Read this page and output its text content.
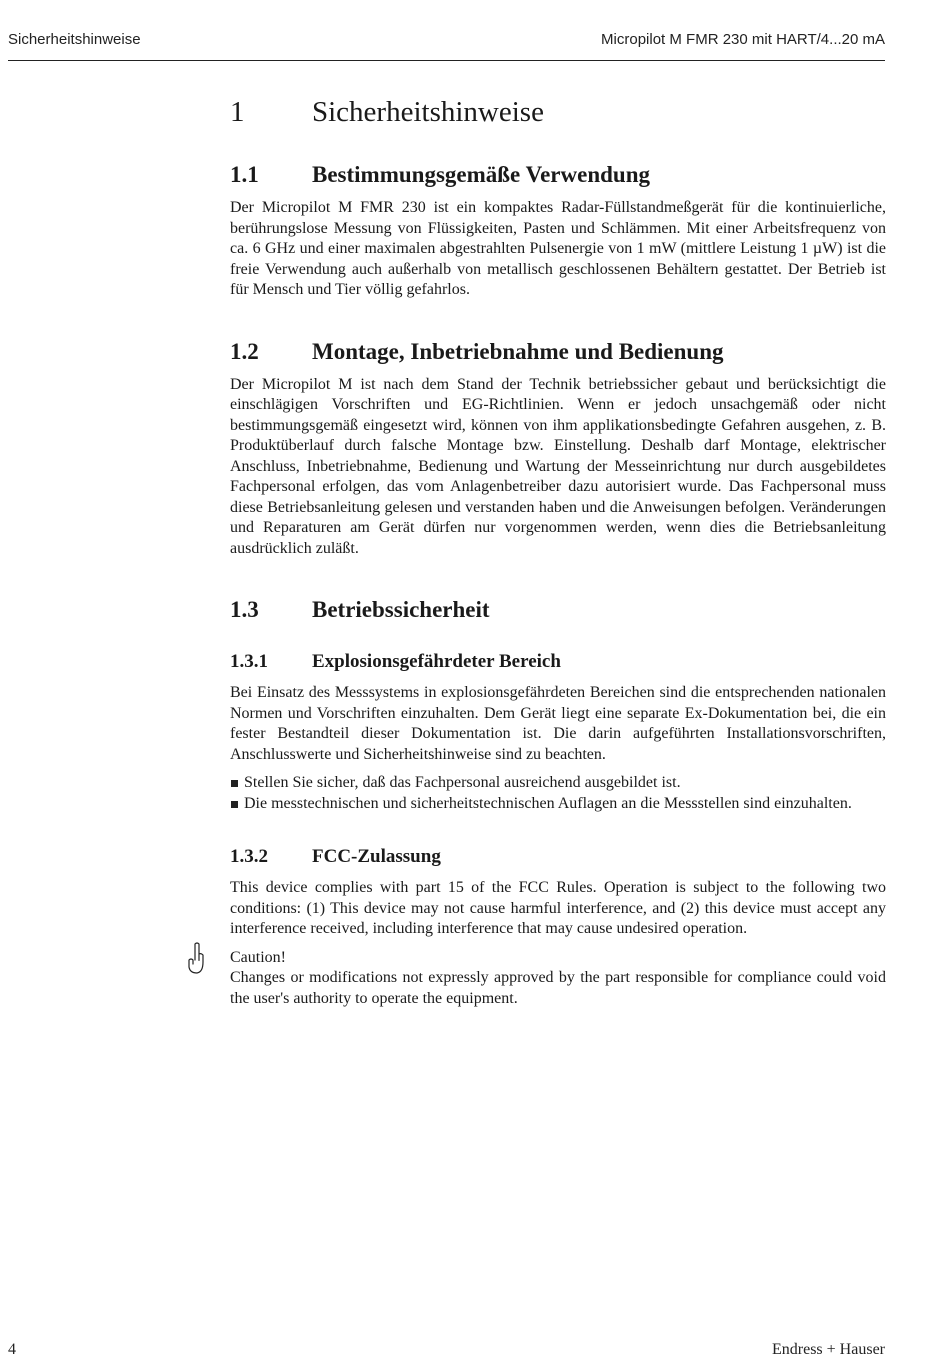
Sicherheitshinweise	Micropilot M FMR 230 mit HART/4...20 mA
1	Sicherheitshinweise
1.1	Bestimmungsgemäße Verwendung

Der Micropilot M FMR 230 ist ein kompaktes Radar-Füllstandmeßgerät für die kontinuierliche, berührungslose Messung von Flüssigkeiten, Pasten und Schlämmen. Mit einer Arbeitsfrequenz von ca. 6 GHz und einer maximalen abgestrahlten Pulsenergie von 1 mW (mittlere Leistung 1 µW) ist die freie Verwendung auch außerhalb von metallisch geschlossenen Behältern gestattet. Der Betrieb ist für Mensch und Tier völlig gefahrlos.

1.2	Montage, Inbetriebnahme und Bedienung

Der Micropilot M ist nach dem Stand der Technik betriebssicher gebaut und berücksichtigt die einschlägigen Vorschriften und EG-Richtlinien. Wenn er jedoch unsachgemäß oder nicht bestimmungsgemäß eingesetzt wird, können von ihm applikationsbedingte Gefahren ausgehen, z. B. Produktüberlauf durch falsche Montage bzw. Einstellung. Deshalb darf Montage, elektrischer Anschluss, Inbetriebnahme, Bedienung und Wartung der Messeinrichtung nur durch ausgebildetes Fachpersonal erfolgen, das vom Anlagenbetreiber dazu autorisiert wurde. Das Fachpersonal muss diese Betriebsanleitung gelesen und verstanden haben und die Anweisungen befolgen. Veränderungen und Reparaturen am Gerät dürfen nur vorgenommen werden, wenn dies die Betriebsanleitung ausdrücklich zuläßt.

1.3	Betriebssicherheit
1.3.1	Explosionsgefährdeter Bereich

Bei Einsatz des Messsystems in explosionsgefährdeten Bereichen sind die entsprechenden nationalen Normen und Vorschriften einzuhalten. Dem Gerät liegt eine separate Ex-Dokumentation bei, die ein fester Bestandteil dieser Dokumentation ist. Die darin aufgeführten Installationsvorschriften, Anschlusswerte und Sicherheitshinweise sind zu beachten.

Stellen Sie sicher, daß das Fachpersonal ausreichend ausgebildet ist.
Die messtechnischen und sicherheitstechnischen Auflagen an die Messstellen sind einzuhalten.
1.3.2	FCC-Zulassung

This device complies with part 15 of the FCC Rules. Operation is subject to the following two conditions: (1) This device may not cause harmful interference, and (2) this device must accept any interference received, including interference that may cause undesired operation.

Caution!

Changes or modifications not expressly approved by the part responsible for compliance could void the user's authority to operate the equipment.

4	Endress + Hauser
